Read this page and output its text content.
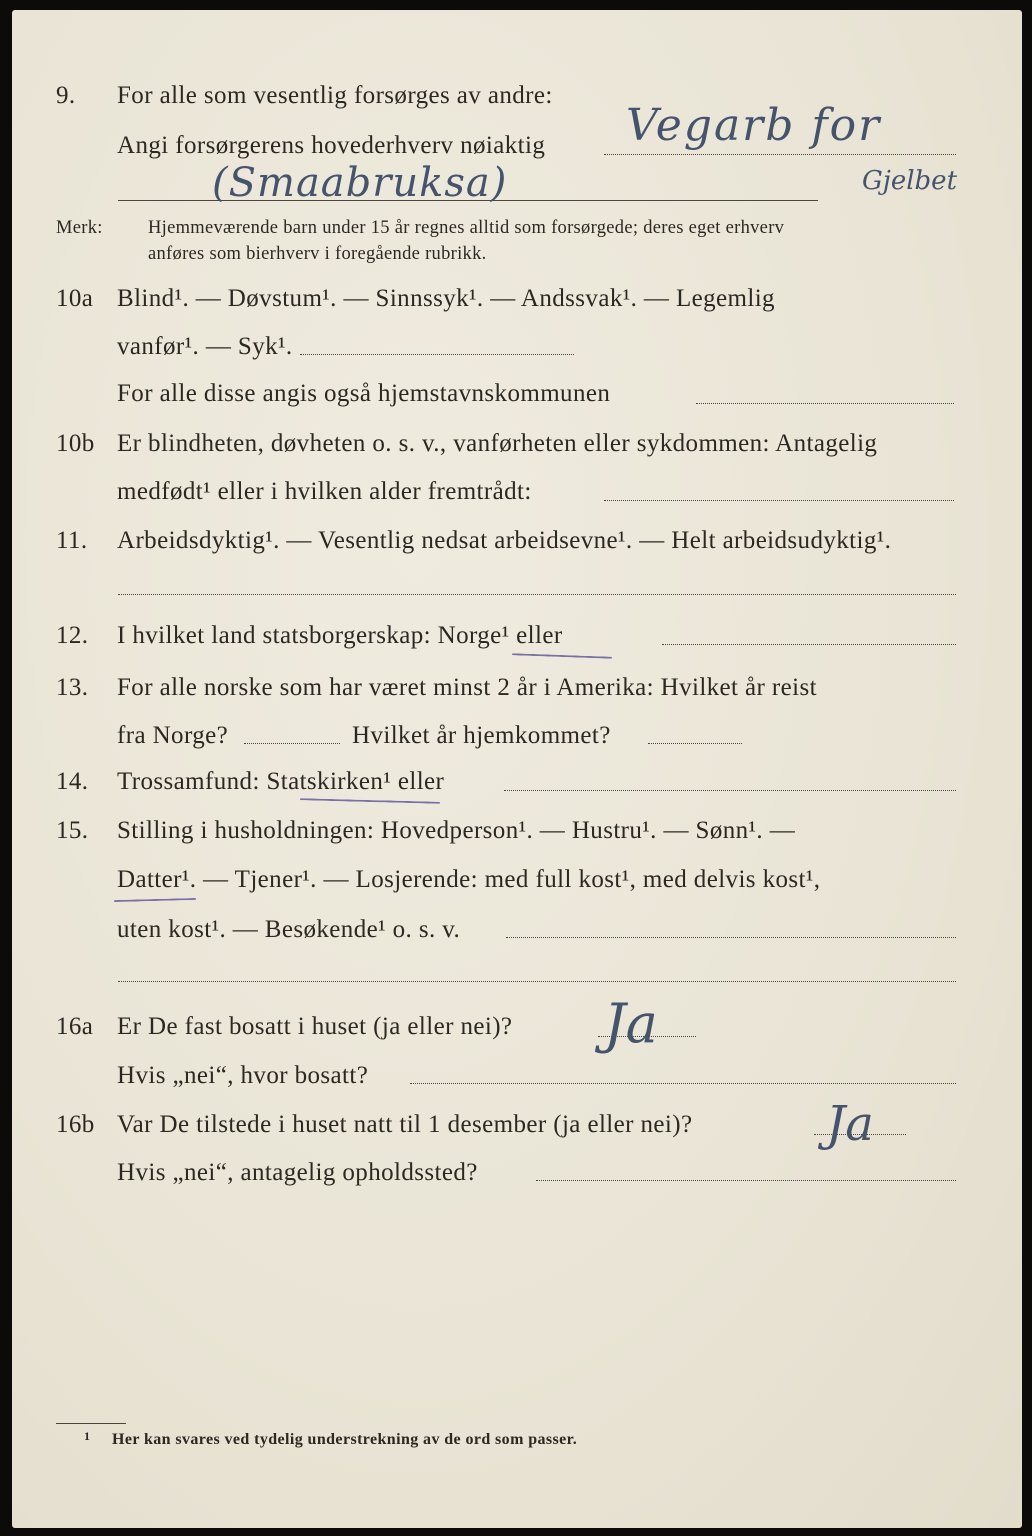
9. For alle som vesentlig forsørges av andre:
Angi forsørgerens hovederhverv nøiaktig Vegarb for
(Smaabruksa)	Gjelbet
Merk: Hjemmeværende barn under 15 år regnes alltid som forsørgede; deres eget erhverv
anføres som bierhverv i foregående rubrikk.
10a Blind¹. — Døvstum¹. — Sinnssyk¹. — Andssvak¹. — Legemlig
vanfør¹. — Syk¹.
For alle disse angis også hjemstavnskommunen
10b Er blindheten, døvheten o. s. v., vanførheten eller sykdommen: Antagelig
medfødt¹ eller i hvilken alder fremtrådt:
11. Arbeidsdyktig¹. — Vesentlig nedsat arbeidsevne¹. — Helt arbeidsudyktig¹.
12. I hvilket land statsborgerskap: Norge¹ eller
13. For alle norske som har været minst 2 år i Amerika: Hvilket år reist
fra Norge?	Hvilket år hjemkommet?
14. Trossamfund: Statskirken¹ eller
15. Stilling i husholdningen: Hovedperson¹. — Hustru¹. — Sønn¹. —
Datter¹. — Tjener¹. — Losjerende: med full kost¹, med delvis kost¹,
uten kost¹. — Besøkende¹ o. s. v.
16a Er De fast bosatt i huset (ja eller nei)? Ja
Hvis „nei“, hvor bosatt?
16b Var De tilstede i huset natt til 1 desember (ja eller nei)?	Ja
Hvis „nei“, antagelig opholdssted?
1 Her kan svares ved tydelig understrekning av de ord som passer.
